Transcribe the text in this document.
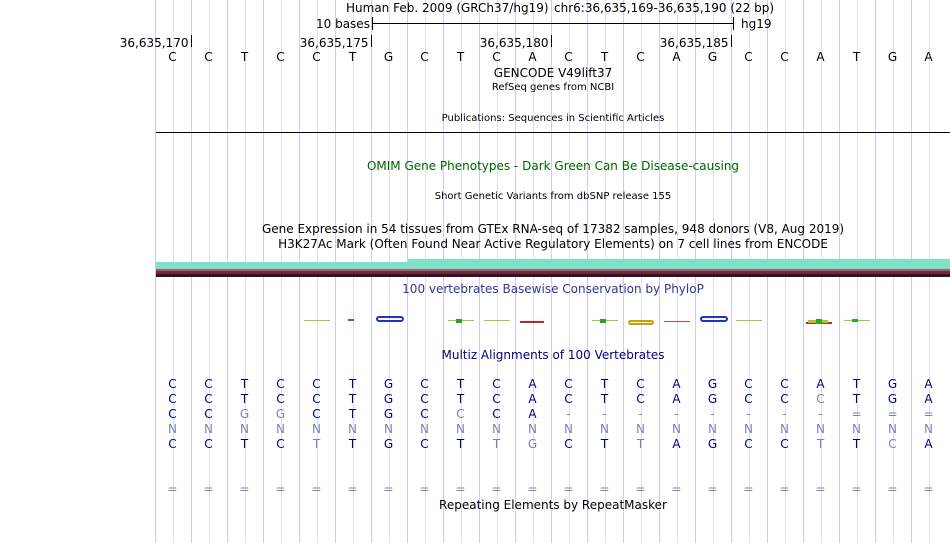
Human Feb. 2009 (GRCh37/hg19) chr6:36,635,169-36,635,190 (22 bp)
10 bases	hg19
36,635,170	36,635,175	36,635,180	36,635,185
C C T C C T G C T C A C T C A G C C A T G A
GENCODE V49lift37
RefSeq genes from NCBI
Publications: Sequences in Scientific Articles
OMIM Gene Phenotypes - Dark Green Can Be Disease-causing
Short Genetic Variants from dbSNP release 155
Gene Expression in 54 tissues from GTEx RNA-seq of 17382 samples, 948 donors (V8, Aug 2019)
H3K27Ac Mark (Often Found Near Active Regulatory Elements) on 7 cell lines from ENCODE
100 vertebrates Basewise Conservation by PhyloP
Multiz Alignments of 100 Vertebrates
C C T C C T G C T C A C T C A G C C A T G A
C C T C C T G C T C A C T C A G C C C T G A
C C G G C T G C C C A	-	-	-	-	-	-	-	-	= = =
N N N N N N N N N N N N N N N N N N N N N N
C C T C T T G C T T G C T T A G C C T T C A
= = = = = = = = = = = = = = = = = = = = = =
Repeating Elements by RepeatMasker
